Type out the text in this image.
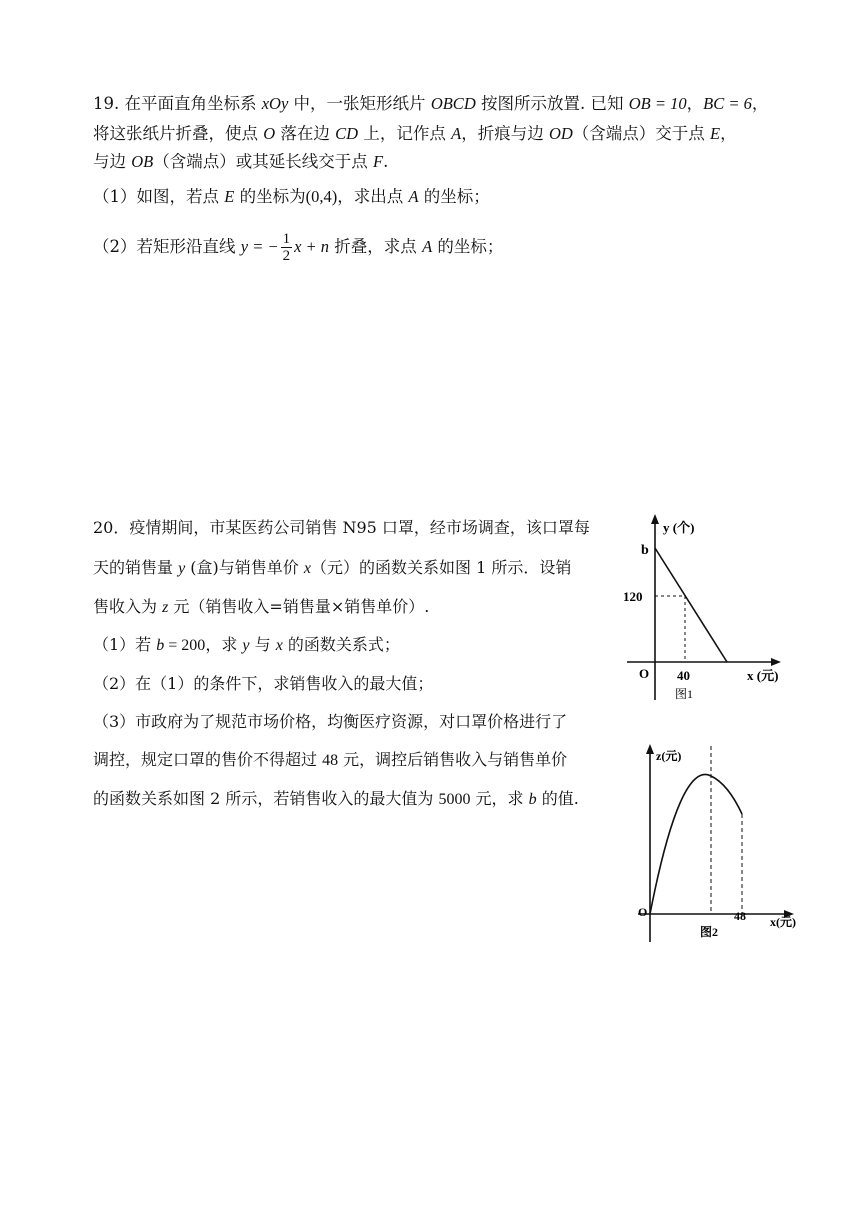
19. 在平面直角坐标系 xOy 中，一张矩形纸片 OBCD 按图所示放置. 已知 OB = 10，BC = 6，
将这张纸片折叠，使点 O 落在边 CD 上，记作点 A，折痕与边 OD（含端点）交于点 E，
与边 OB（含端点）或其延长线交于点 F.
（1）如图，若点 E 的坐标为(0,4)，求出点 A 的坐标；
（2）若矩形沿直线 y = − $\frac{1}{2}$ x + n 折叠，求点 A 的坐标；
20．疫情期间，市某医药公司销售 N95 口罩，经市场调查，该口罩每
天的销售量 y (盒)与销售单价 x（元）的函数关系如图 1 所示．设销
售收入为 z 元（销售收入=销售量×销售单价）.
（1）若 b = 200，求 y 与 x 的函数关系式；
（2）在（1）的条件下，求销售收入的最大值；
（3）市政府为了规范市场价格，均衡医疗资源，对口罩价格进行了
调控，规定口罩的售价不得超过 48 元，调控后销售收入与销售单价
的函数关系如图 2 所示，若销售收入的最大值为 5000 元，求 b 的值.
y (个)
b
120
O 40	x (元)
图1
z(元)
O	48 x(元)
图2
